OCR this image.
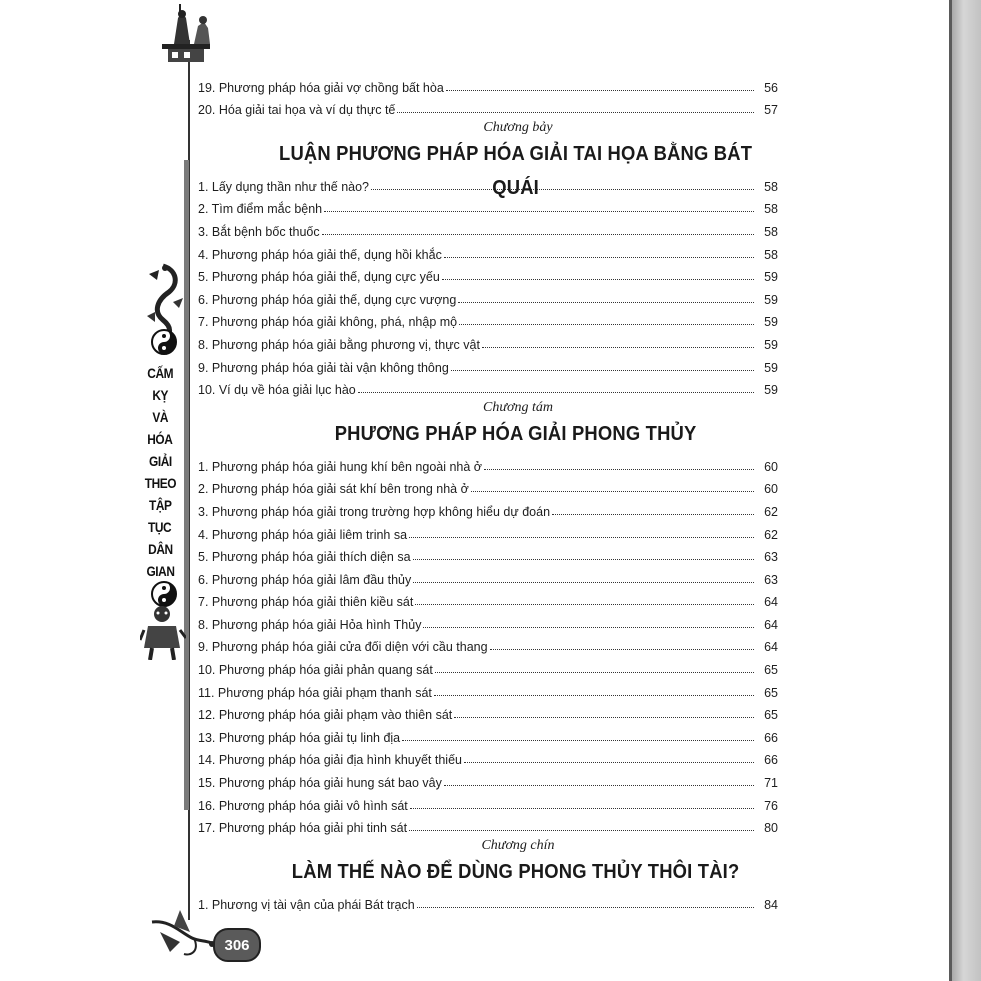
CẤM
KỴ
VÀ
HÓA
GIẢI
THEO
TẬP
TỤC
DÂN
GIAN
306
19. Phương pháp hóa giải vợ chồng bất hòa	56
20. Hóa giải tai họa và ví dụ thực tế	57
Chương bảy
LUẬN PHƯƠNG PHÁP HÓA GIẢI TAI HỌA BẰNG BÁT QUÁI
1. Lấy dụng thần như thế nào?	58
2. Tìm điểm mắc bệnh	58
3. Bắt bệnh bốc thuốc	58
4. Phương pháp hóa giải thế, dụng hồi khắc	58
5. Phương pháp hóa giải thế, dụng cực yếu	59
6. Phương pháp hóa giải thế, dụng cực vượng	59
7. Phương pháp hóa giải không, phá, nhập mộ	59
8. Phương pháp hóa giải bằng phương vị, thực vật	59
9. Phương pháp hóa giải tài vận không thông	59
10. Ví dụ về hóa giải lục hào	59
Chương tám
PHƯƠNG PHÁP HÓA GIẢI PHONG THỦY
1. Phương pháp hóa giải hung khí bên ngoài nhà ở	60
2. Phương pháp hóa giải sát khí bên trong nhà ở	60
3. Phương pháp hóa giải trong trường hợp không hiểu dự đoán	62
4. Phương pháp hóa giải liêm trinh sa	62
5. Phương pháp hóa giải thích diện sa	63
6. Phương pháp hóa giải lâm đầu thủy	63
7. Phương pháp hóa giải thiên kiều sát	64
8. Phương pháp hóa giải Hỏa hình Thủy	64
9. Phương pháp hóa giải cửa đối diện với cầu thang	64
10. Phương pháp hóa giải phản quang sát	65
11. Phương pháp hóa giải phạm thanh sát	65
12. Phương pháp hóa giải phạm vào thiên sát	65
13. Phương pháp hóa giải tụ linh địa	66
14. Phương pháp hóa giải địa hình khuyết thiếu	66
15. Phương pháp hóa giải hung sát bao vây	71
16. Phương pháp hóa giải vô hình sát	76
17. Phương pháp hóa giải phi tinh sát	80
Chương chín
LÀM THẾ NÀO ĐỂ DÙNG PHONG THỦY THÔI TÀI?
1. Phương vị tài vận của phái Bát trạch	84
